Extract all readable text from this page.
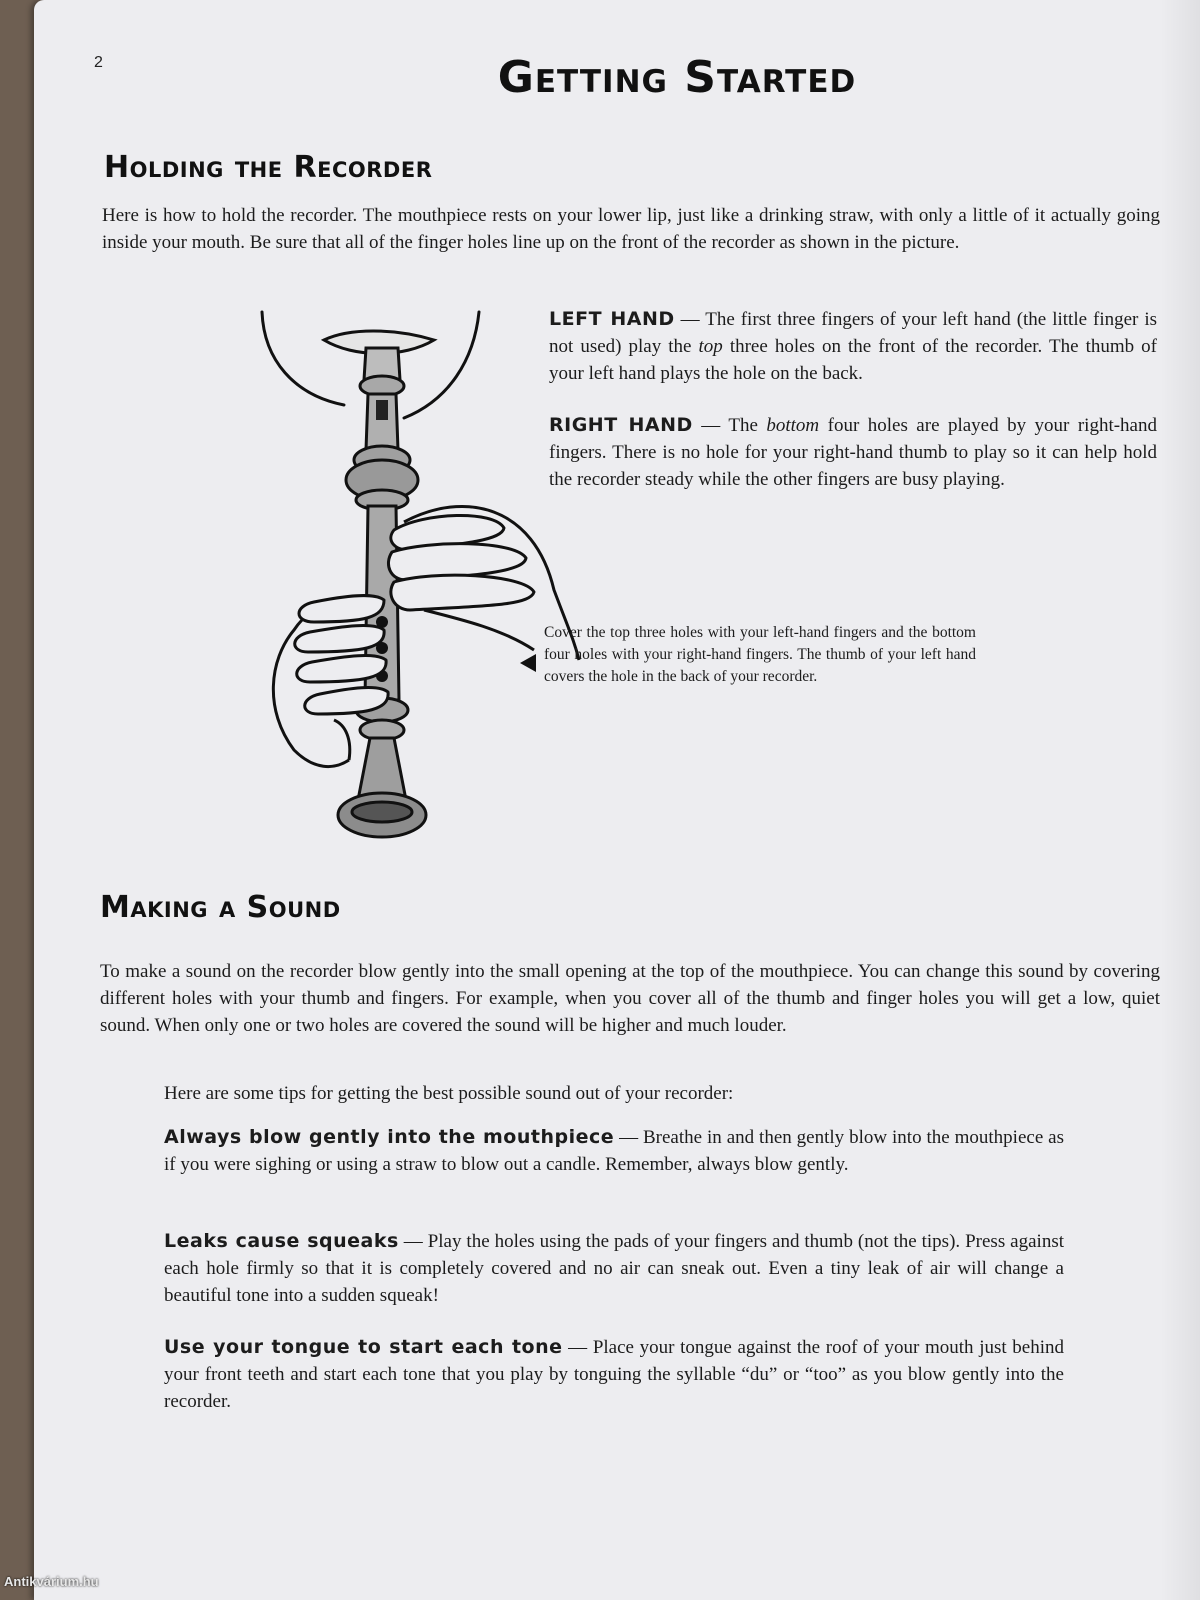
2	Getting Started
Holding the Recorder
Here is how to hold the recorder. The mouthpiece rests on your lower lip, just like a drinking straw, with only a little of it actually going inside your mouth. Be sure that all of the finger holes line up on the front of the recorder as shown in the picture.
LEFT HAND — The first three fingers of your left hand (the little finger is not used) play the top three holes on the front of the recorder. The thumb of your left hand plays the hole on the back.
RIGHT HAND — The bottom four holes are played by your right-hand fingers. There is no hole for your right-hand thumb to play so it can help hold the recorder steady while the other fingers are busy playing.
Cover the top three holes with your left-hand fingers and the bottom four holes with your right-hand fingers. The thumb of your left hand covers the hole in the back of your recorder.
Making a Sound
To make a sound on the recorder blow gently into the small opening at the top of the mouthpiece. You can change this sound by covering different holes with your thumb and fingers. For example, when you cover all of the thumb and finger holes you will get a low, quiet sound. When only one or two holes are covered the sound will be higher and much louder.
Here are some tips for getting the best possible sound out of your recorder:
Always blow gently into the mouthpiece — Breathe in and then gently blow into the mouthpiece as if you were sighing or using a straw to blow out a candle. Remember, always blow gently.
Leaks cause squeaks — Play the holes using the pads of your fingers and thumb (not the tips). Press against each hole firmly so that it is completely covered and no air can sneak out. Even a tiny leak of air will change a beautiful tone into a sudden squeak!
Use your tongue to start each tone — Place your tongue against the roof of your mouth just behind your front teeth and start each tone that you play by tonguing the syllable “du” or “too” as you blow gently into the recorder.
Antikvárium.hu
